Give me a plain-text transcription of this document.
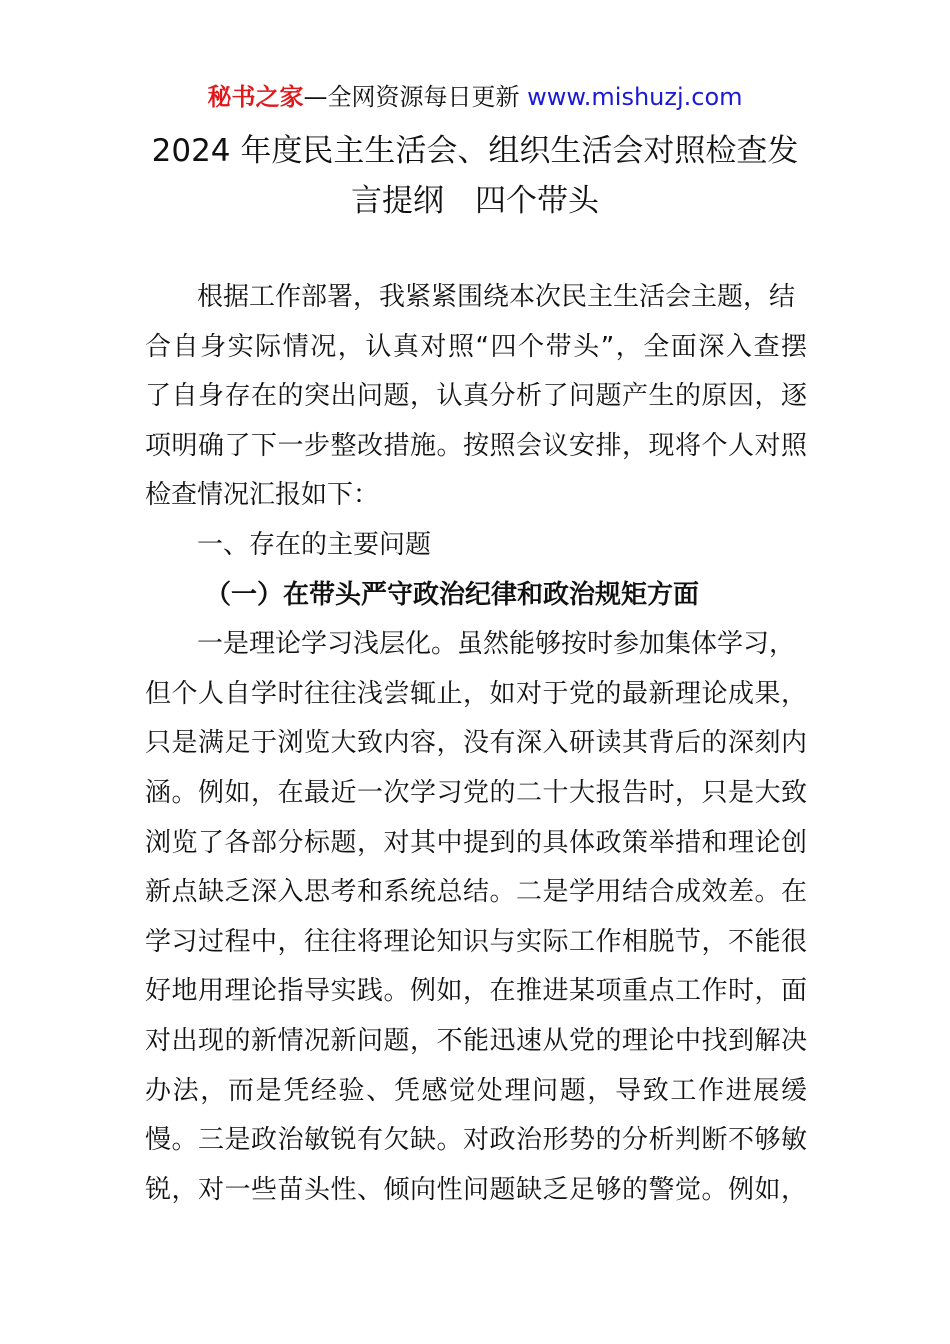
秘书之家—全网资源每日更新 www.mishuzj.com
2024 年度民主生活会、组织生活会对照检查发
言提纲　四个带头
根据工作部署，我紧紧围绕本次民主生活会主题，结
合自身实际情况，认真对照“四个带头”，全面深入查摆
了自身存在的突出问题，认真分析了问题产生的原因，逐
项明确了下一步整改措施。按照会议安排，现将个人对照
检查情况汇报如下：
一、存在的主要问题
（一）在带头严守政治纪律和政治规矩方面
一是理论学习浅层化。虽然能够按时参加集体学习，
但个人自学时往往浅尝辄止，如对于党的最新理论成果，
只是满足于浏览大致内容，没有深入研读其背后的深刻内
涵。例如，在最近一次学习党的二十大报告时，只是大致
浏览了各部分标题，对其中提到的具体政策举措和理论创
新点缺乏深入思考和系统总结。二是学用结合成效差。在
学习过程中，往往将理论知识与实际工作相脱节，不能很
好地用理论指导实践。例如，在推进某项重点工作时，面
对出现的新情况新问题，不能迅速从党的理论中找到解决
办法，而是凭经验、凭感觉处理问题，导致工作进展缓
慢。三是政治敏锐有欠缺。对政治形势的分析判断不够敏
锐，对一些苗头性、倾向性问题缺乏足够的警觉。例如，
